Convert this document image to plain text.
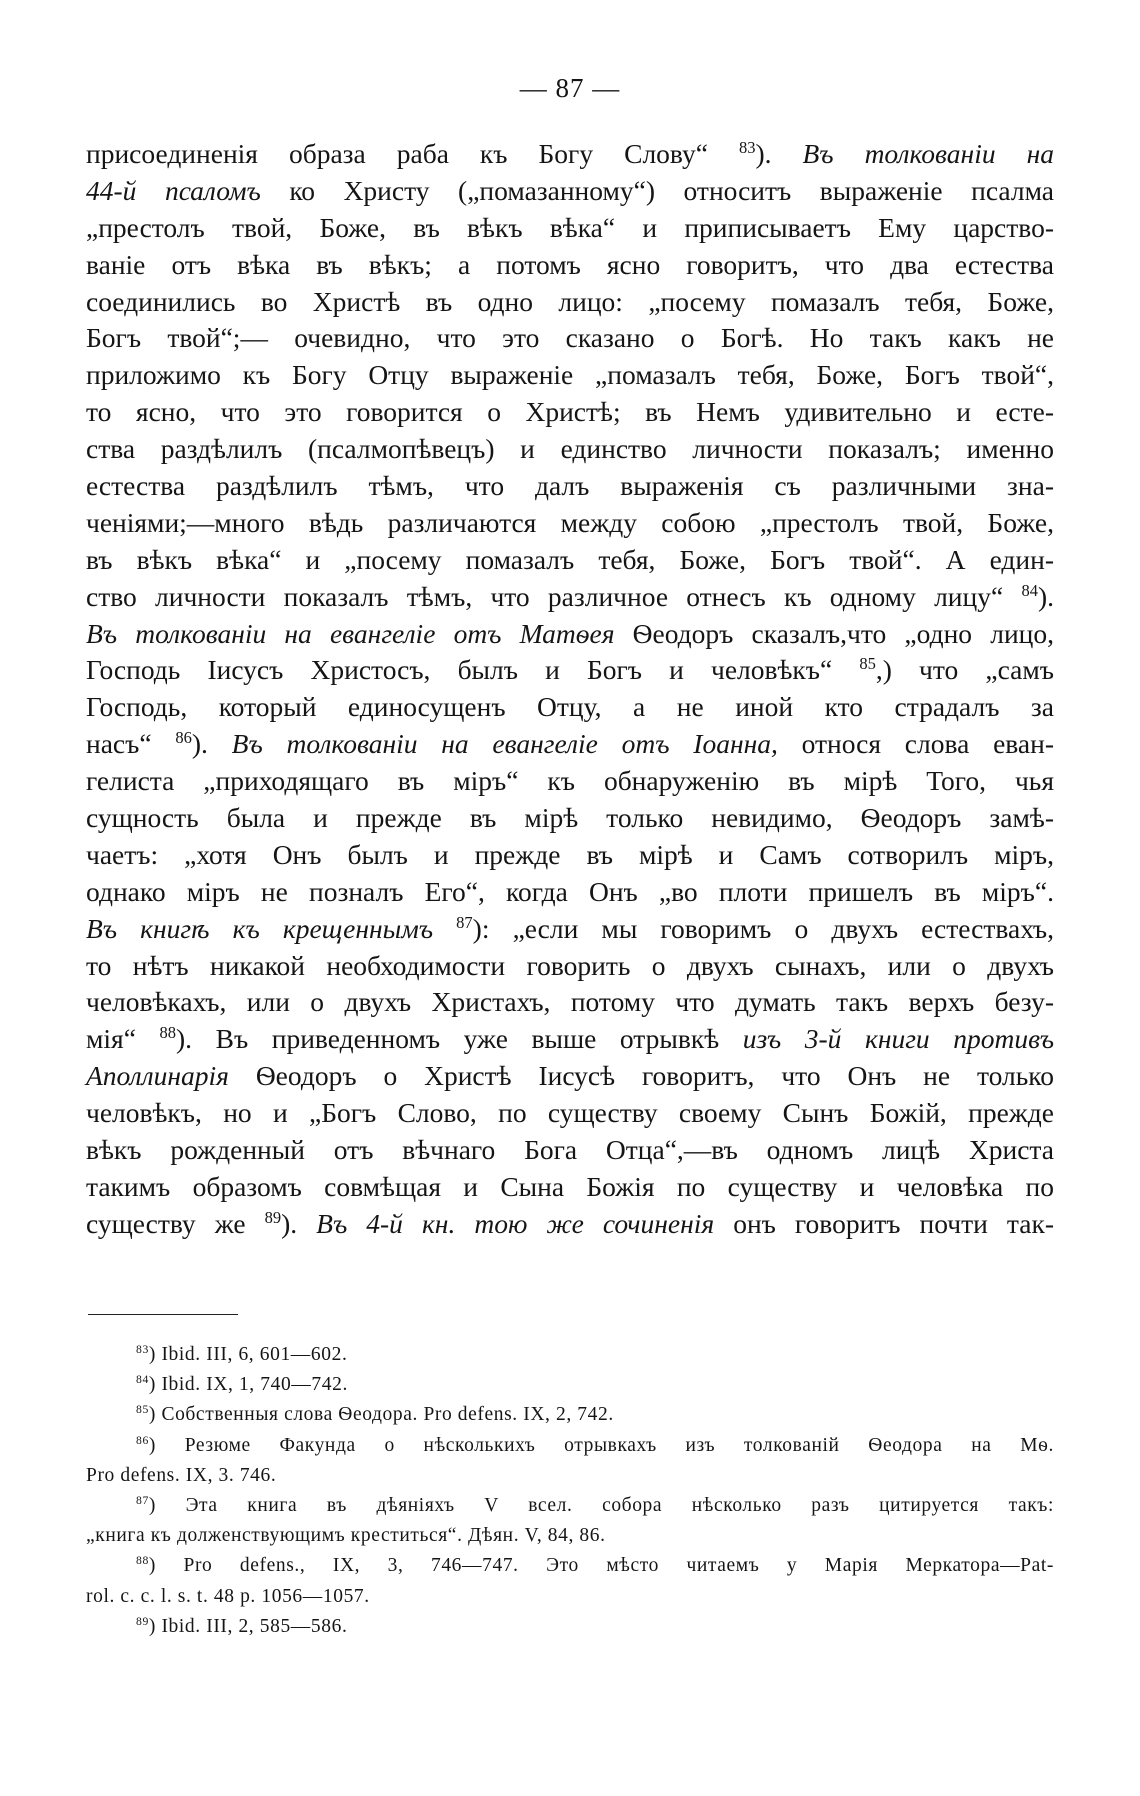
— 87 —
присоединенія образа раба къ Богу Слову“ $^{83}$). Въ толкованіи на
44-й псаломъ ко Христу („помазанному“) относитъ выраженіе псалма
„престолъ твой, Боже, въ вѣкъ вѣка“ и приписываетъ Ему царство-
ваніе отъ вѣка въ вѣкъ; а потомъ ясно говоритъ, что два естества
соединились во Христѣ въ одно лицо: „посему помазалъ тебя, Боже,
Богъ твой“;— очевидно, что это сказано о Богѣ. Но такъ какъ не
приложимо къ Богу Отцу выраженіе „помазалъ тебя, Боже, Богъ твой“,
то ясно, что это говорится о Христѣ; въ Немъ удивительно и есте-
ства раздѣлилъ (псалмопѣвецъ) и единство личности показалъ; именно
естества раздѣлилъ тѣмъ, что далъ выраженія съ различными зна-
ченіями;—много вѣдь различаются между собою „престолъ твой, Боже,
въ вѣкъ вѣка“ и „посему помазалъ тебя, Боже, Богъ твой“. А един-
ство личности показалъ тѣмъ, что различное отнесъ къ одному лицу“ $^{84}$).
Въ толкованіи на евангеліе отъ Матѳея Ѳеодоръ сказалъ,что „одно лицо,
Господь Іисусъ Христосъ, былъ и Богъ и человѣкъ“ $^{85}$,) что „самъ
Господь, который единосущенъ Отцу, а не иной кто страдалъ за
насъ“ $^{86}$). Въ толкованіи на евангеліе отъ Іоанна, относя слова еван-
гелиста „приходящаго въ міръ“ къ обнаруженію въ мірѣ Того, чья
сущность была и прежде въ мірѣ только невидимо, Ѳеодоръ замѣ-
чаетъ: „хотя Онъ былъ и прежде въ мірѣ и Самъ сотворилъ міръ,
однако міръ не позналъ Его“, когда Онъ „во плоти пришелъ въ міръ“.
Въ книгѣ къ крещеннымъ $^{87}$): „если мы говоримъ о двухъ естествахъ,
то нѣтъ никакой необходимости говорить о двухъ сынахъ, или о двухъ
человѣкахъ, или о двухъ Христахъ, потому что думать такъ верхъ безу-
мія“ $^{88}$). Въ приведенномъ уже выше отрывкѣ изъ 3-й книги противъ
Аполлинарія Ѳеодоръ о Христѣ Іисусѣ говоритъ, что Онъ не только
человѣкъ, но и „Богъ Слово, по существу своему Сынъ Божій, прежде
вѣкъ рожденный отъ вѣчнаго Бога Отца“,—въ одномъ лицѣ Христа
такимъ образомъ совмѣщая и Сына Божія по существу и человѣка по
существу же $^{89}$). Въ 4-й кн. тою же сочиненія онъ говоритъ почти так-
$^{83}$) Ibid. III, 6, 601—602.
$^{84}$) Ibid. IX, 1, 740—742.
$^{85}$) Собственныя слова Ѳеодора. Pro defens. IX, 2, 742.
$^{86}$) Резюме Факунда о нѣсколькихъ отрывкахъ изъ толкованій Ѳеодора на Мѳ.
Pro defens. IX, 3. 746.
$^{87}$) Эта книга въ дѣяніяхъ V всел. собора нѣсколько разъ цитируется такъ:
„книга къ долженствующимъ креститься“. Дѣян. V, 84, 86.
$^{88}$) Pro defens., IX, 3, 746—747. Это мѣсто читаемъ у Марія Меркатора—Pat-
rol. c. c. l. s. t. 48 p. 1056—1057.
$^{89}$) Ibid. III, 2, 585—586.
